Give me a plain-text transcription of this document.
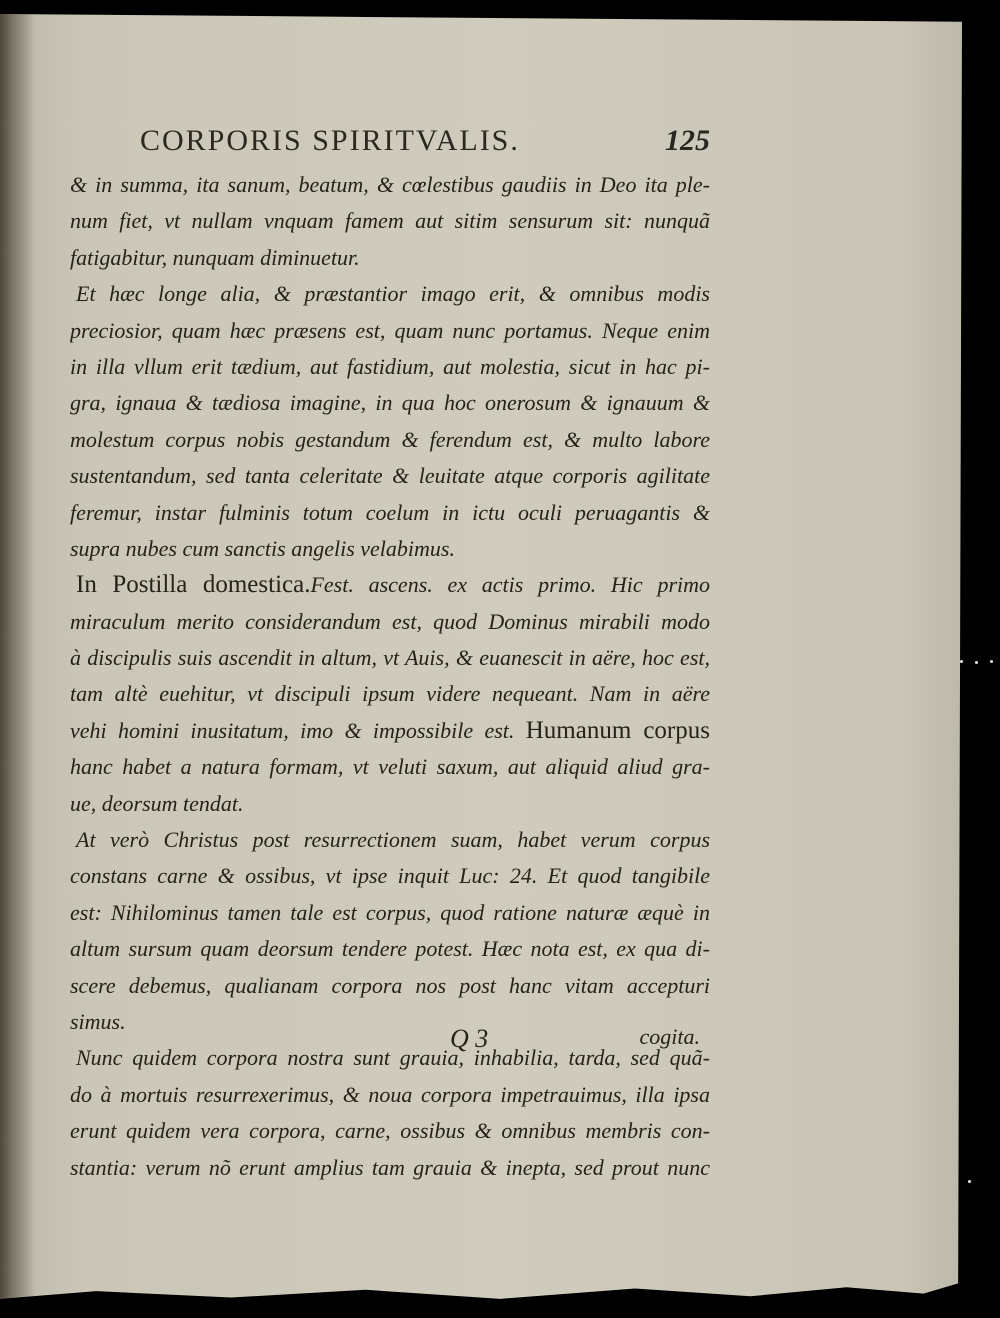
CORPORIS SPIRITVALIS.	125
& in summa, ita sanum, beatum, & cœlestibus gaudiis in Deo ita ple-
num fiet, vt nullam vnquam famem aut sitim sensurum sit: nunquã
fatigabitur, nunquam diminuetur.
Et hæc longe alia, & præstantior imago erit, & omnibus modis
preciosior, quam hæc præsens est, quam nunc portamus. Neque enim
in illa vllum erit tædium, aut fastidium, aut molestia, sicut in hac pi-
gra, ignaua & tædiosa imagine, in qua hoc onerosum & ignauum &
molestum corpus nobis gestandum & ferendum est, & multo labore
sustentandum, sed tanta celeritate & leuitate atque corporis agilitate
feremur, instar fulminis totum coelum in ictu oculi peruagantis &
supra nubes cum sanctis angelis velabimus.
In Postilla domestica.Fest. ascens. ex actis primo. Hic primo
miraculum merito considerandum est, quod Dominus mirabili modo
à discipulis suis ascendit in altum, vt Auis, & euanescit in aëre, hoc est,
tam altè euehitur, vt discipuli ipsum videre nequeant. Nam in aëre
vehi homini inusitatum, imo & impossibile est. Humanum corpus
hanc habet a natura formam, vt veluti saxum, aut aliquid aliud gra-
ue, deorsum tendat.
At verò Christus post resurrectionem suam, habet verum corpus
constans carne & ossibus, vt ipse inquit Luc: 24. Et quod tangibile
est: Nihilominus tamen tale est corpus, quod ratione naturæ æquè in
altum sursum quam deorsum tendere potest. Hæc nota est, ex qua di-
scere debemus, qualianam corpora nos post hanc vitam accepturi
simus.
Nunc quidem corpora nostra sunt grauia, inhabilia, tarda, sed quã-
do à mortuis resurrexerimus, & noua corpora impetrauimus, illa ipsa
erunt quidem vera corpora, carne, ossibus & omnibus membris con-
stantia: verum nõ erunt amplius tam grauia & inepta, sed prout nunc
Q 3	cogita.
